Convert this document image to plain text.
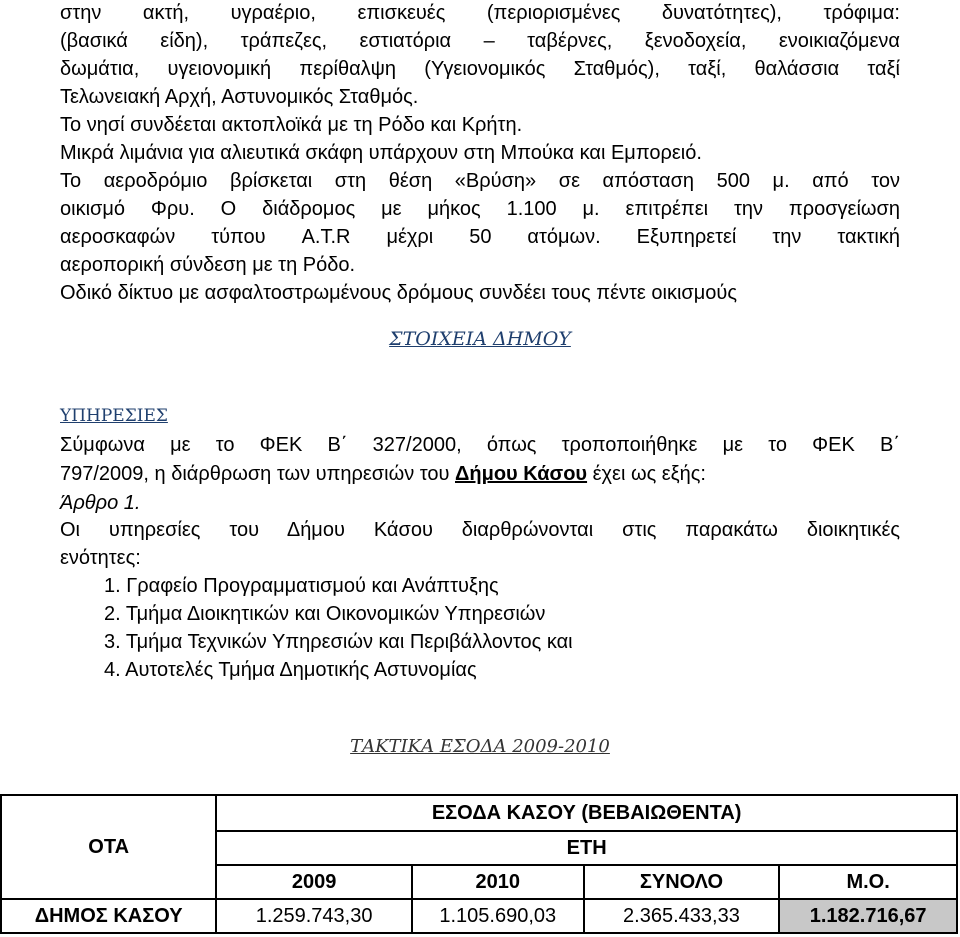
στην ακτή, υγραέριο, επισκευές (περιορισμένες δυνατότητες), τρόφιμα:
(βασικά είδη), τράπεζες, εστιατόρια – ταβέρνες, ξενοδοχεία, ενοικιαζόμενα
δωμάτια, υγειονομική περίθαλψη (Υγειονομικός Σταθμός), ταξί, θαλάσσια ταξί
Τελωνειακή Αρχή, Αστυνομικός Σταθμός.
Το νησί συνδέεται ακτοπλοϊκά με τη Ρόδο και Κρήτη.
Μικρά λιμάνια για αλιευτικά σκάφη υπάρχουν στη Μπούκα και Εμπορειό.
Το αεροδρόμιο βρίσκεται στη θέση «Βρύση» σε απόσταση 500 μ. από τον
οικισμό Φρυ. Ο διάδρομος με μήκος 1.100 μ. επιτρέπει την προσγείωση
αεροσκαφών τύπου A.T.R μέχρι 50 ατόμων. Εξυπηρετεί την τακτική
αεροπορική σύνδεση με τη Ρόδο.
Οδικό δίκτυο με ασφαλτοστρωμένους δρόμους συνδέει τους πέντε οικισμούς
ΣΤΟΙΧΕΙΑ ΔΗΜΟΥ
ΥΠΗΡΕΣΙΕΣ
Σύμφωνα με το ΦΕΚ Β΄ 327/2000, όπως τροποποιήθηκε με το ΦΕΚ Β΄
797/2009, η διάρθρωση των υπηρεσιών του Δήμου Κάσου έχει ως εξής:
Άρθρο 1.
Οι υπηρεσίες του Δήμου Κάσου διαρθρώνονται στις παρακάτω διοικητικές
ενότητες:
1. Γραφείο Προγραμματισμού και Ανάπτυξης
2. Τμήμα Διοικητικών και Οικονομικών Υπηρεσιών
3. Τμήμα Τεχνικών Υπηρεσιών και Περιβάλλοντος και
4. Αυτοτελές Τμήμα Δημοτικής Αστυνομίας
ΤΑΚΤΙΚΑ ΕΣΟΔΑ 2009-2010
ΟΤΑ	ΕΣΟΔΑ ΚΑΣΟΥ (ΒΕΒΑΙΩΘΕΝΤΑ)			
	ΕΤΗ			
	2009	2010	ΣΥΝΟΛΟ	Μ.Ο.
ΔΗΜΟΣ ΚΑΣΟΥ	1.259.743,30	1.105.690,03	2.365.433,33	1.182.716,67
